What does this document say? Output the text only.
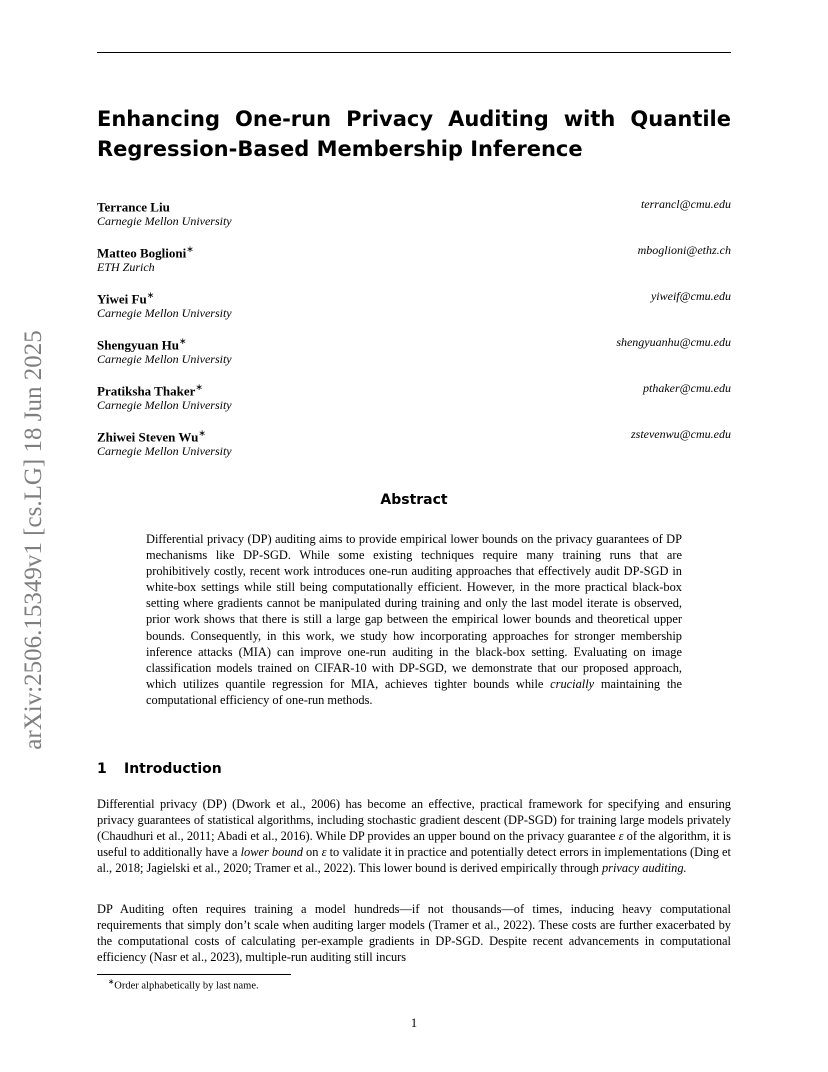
arXiv:2506.15349v1 [cs.LG] 18 Jun 2025
Enhancing One-run Privacy Auditing with Quantile
Regression-Based Membership Inference
Terrance Liu
Carnegie Mellon University
terrancl@cmu.edu
Matteo Boglioni∗
ETH Zurich
mboglioni@ethz.ch
Yiwei Fu∗
Carnegie Mellon University
yiweif@cmu.edu
Shengyuan Hu∗
Carnegie Mellon University
shengyuanhu@cmu.edu
Pratiksha Thaker∗
Carnegie Mellon University
pthaker@cmu.edu
Zhiwei Steven Wu∗
Carnegie Mellon University
zstevenwu@cmu.edu
Abstract

Differential privacy (DP) auditing aims to provide empirical lower bounds on the privacy guarantees of DP mechanisms like DP-SGD. While some existing techniques require many training runs that are prohibitively costly, recent work introduces one-run auditing approaches that effectively audit DP-SGD in white-box settings while still being computationally efficient. However, in the more practical black-box setting where gradients cannot be manipulated during training and only the last model iterate is observed, prior work shows that there is still a large gap between the empirical lower bounds and theoretical upper bounds. Consequently, in this work, we study how incorporating approaches for stronger membership inference attacks (MIA) can improve one-run auditing in the black-box setting. Evaluating on image classification models trained on CIFAR-10 with DP-SGD, we demonstrate that our proposed approach, which utilizes quantile regression for MIA, achieves tighter bounds while crucially maintaining the computational efficiency of one-run methods.

1 Introduction

Differential privacy (DP) (Dwork et al., 2006) has become an effective, practical framework for specifying and ensuring privacy guarantees of statistical algorithms, including stochastic gradient descent (DP-SGD) for training large models privately (Chaudhuri et al., 2011; Abadi et al., 2016). While DP provides an upper bound on the privacy guarantee ε of the algorithm, it is useful to additionally have a lower bound on ε to validate it in practice and potentially detect errors in implementations (Ding et al., 2018; Jagielski et al., 2020; Tramer et al., 2022). This lower bound is derived empirically through privacy auditing.

DP Auditing often requires training a model hundreds—if not thousands—of times, inducing heavy computational requirements that simply don’t scale when auditing larger models (Tramer et al., 2022). These costs are further exacerbated by the computational costs of calculating per-example gradients in DP-SGD. Despite recent advancements in computational efficiency (Nasr et al., 2023), multiple-run auditing still incurs

∗Order alphabetically by last name.
1
